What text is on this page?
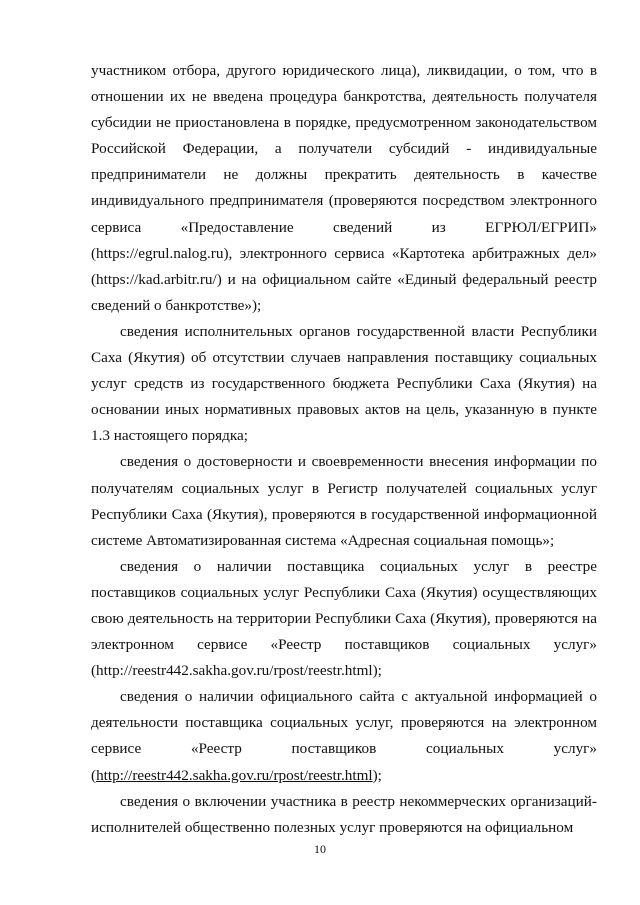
участником отбора, другого юридического лица), ликвидации, о том, что в отношении их не введена процедура банкротства, деятельность получателя субсидии не приостановлена в порядке, предусмотренном законодательством Российской Федерации, а получатели субсидий - индивидуальные предприниматели не должны прекратить деятельность в качестве индивидуального предпринимателя (проверяются посредством электронного сервиса «Предоставление сведений из ЕГРЮЛ/ЕГРИП» (https://egrul.nalog.ru), электронного сервиса «Картотека арбитражных дел» (https://kad.arbitr.ru/) и на официальном сайте «Единый федеральный реестр сведений о банкротстве»);

сведения исполнительных органов государственной власти Республики Саха (Якутия) об отсутствии случаев направления поставщику социальных услуг средств из государственного бюджета Республики Саха (Якутия) на основании иных нормативных правовых актов на цель, указанную в пункте 1.3 настоящего порядка;

сведения о достоверности и своевременности внесения информации по получателям социальных услуг в Регистр получателей социальных услуг Республики Саха (Якутия), проверяются в государственной информационной системе Автоматизированная система «Адресная социальная помощь»;

сведения о наличии поставщика социальных услуг в реестре поставщиков социальных услуг Республики Саха (Якутия) осуществляющих свою деятельность на территории Республики Саха (Якутия), проверяются на электронном сервисе «Реестр поставщиков социальных услуг» (http://reestr442.sakha.gov.ru/rpost/reestr.html);

сведения о наличии официального сайта с актуальной информацией о деятельности поставщика социальных услуг, проверяются на электронном сервисе «Реестр поставщиков социальных услуг» (http://reestr442.sakha.gov.ru/rpost/reestr.html);

сведения о включении участника в реестр некоммерческих организаций-исполнителей общественно полезных услуг проверяются на официальном

10
